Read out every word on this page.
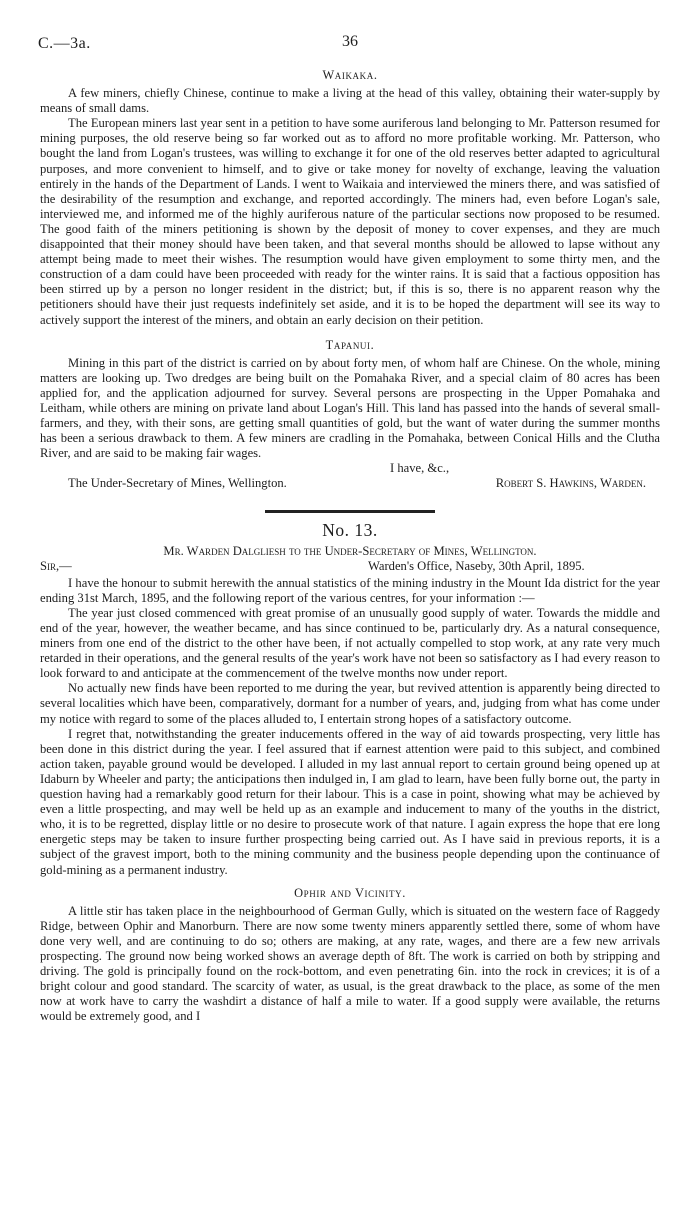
C.—3a.	36
Waikaka.

A few miners, chiefly Chinese, continue to make a living at the head of this valley, obtaining their water-supply by means of small dams.

The European miners last year sent in a petition to have some auriferous land belonging to Mr. Patterson resumed for mining purposes, the old reserve being so far worked out as to afford no more profitable working. Mr. Patterson, who bought the land from Logan's trustees, was willing to exchange it for one of the old reserves better adapted to agricultural purposes, and more convenient to himself, and to give or take money for novelty of exchange, leaving the valuation entirely in the hands of the Department of Lands. I went to Waikaia and interviewed the miners there, and was satisfied of the desirability of the resumption and exchange, and reported accordingly. The miners had, even before Logan's sale, interviewed me, and informed me of the highly auriferous nature of the particular sections now proposed to be resumed. The good faith of the miners petitioning is shown by the deposit of money to cover expenses, and they are much disappointed that their money should have been taken, and that several months should be allowed to lapse without any attempt being made to meet their wishes. The resumption would have given employment to some thirty men, and the construction of a dam could have been proceeded with ready for the winter rains. It is said that a factious opposition has been stirred up by a person no longer resident in the district; but, if this is so, there is no apparent reason why the petitioners should have their just requests indefinitely set aside, and it is to be hoped the department will see its way to actively support the interest of the miners, and obtain an early decision on their petition.

Tapanui.

Mining in this part of the district is carried on by about forty men, of whom half are Chinese. On the whole, mining matters are looking up. Two dredges are being built on the Pomahaka River, and a special claim of 80 acres has been applied for, and the application adjourned for survey. Several persons are prospecting in the Upper Pomahaka and Leitham, while others are mining on private land about Logan's Hill. This land has passed into the hands of several small-farmers, and they, with their sons, are getting small quantities of gold, but the want of water during the summer months has been a serious drawback to them. A few miners are cradling in the Pomahaka, between Conical Hills and the Clutha River, and are said to be making fair wages.

I have, &c.,
The Under-Secretary of Mines, Wellington.	Robert S. Hawkins, Warden.
No. 13.
Mr. Warden Dalgliesh to the Under-Secretary of Mines, Wellington.
Sir,—	Warden's Office, Naseby, 30th April, 1895.

I have the honour to submit herewith the annual statistics of the mining industry in the Mount Ida district for the year ending 31st March, 1895, and the following report of the various centres, for your information :—

The year just closed commenced with great promise of an unusually good supply of water. Towards the middle and end of the year, however, the weather became, and has since continued to be, particularly dry. As a natural consequence, miners from one end of the district to the other have been, if not actually compelled to stop work, at any rate very much retarded in their operations, and the general results of the year's work have not been so satisfactory as I had every reason to look forward to and anticipate at the commencement of the twelve months now under report.

No actually new finds have been reported to me during the year, but revived attention is apparently being directed to several localities which have been, comparatively, dormant for a number of years, and, judging from what has come under my notice with regard to some of the places alluded to, I entertain strong hopes of a satisfactory outcome.

I regret that, notwithstanding the greater inducements offered in the way of aid towards prospecting, very little has been done in this district during the year. I feel assured that if earnest attention were paid to this subject, and combined action taken, payable ground would be developed. I alluded in my last annual report to certain ground being opened up at Idaburn by Wheeler and party; the anticipations then indulged in, I am glad to learn, have been fully borne out, the party in question having had a remarkably good return for their labour. This is a case in point, showing what may be achieved by even a little prospecting, and may well be held up as an example and inducement to many of the youths in the district, who, it is to be regretted, display little or no desire to prosecute work of that nature. I again express the hope that ere long energetic steps may be taken to insure further prospecting being carried out. As I have said in previous reports, it is a subject of the gravest import, both to the mining community and the business people depending upon the continuance of gold-mining as a permanent industry.

Ophir and Vicinity.

A little stir has taken place in the neighbourhood of German Gully, which is situated on the western face of Raggedy Ridge, between Ophir and Manorburn. There are now some twenty miners apparently settled there, some of whom have done very well, and are continuing to do so; others are making, at any rate, wages, and there are a few new arrivals prospecting. The ground now being worked shows an average depth of 8ft. The work is carried on both by stripping and driving. The gold is principally found on the rock-bottom, and even penetrating 6in. into the rock in crevices; it is of a bright colour and good standard. The scarcity of water, as usual, is the great drawback to the place, as some of the men now at work have to carry the washdirt a distance of half a mile to water. If a good supply were available, the returns would be extremely good, and I
